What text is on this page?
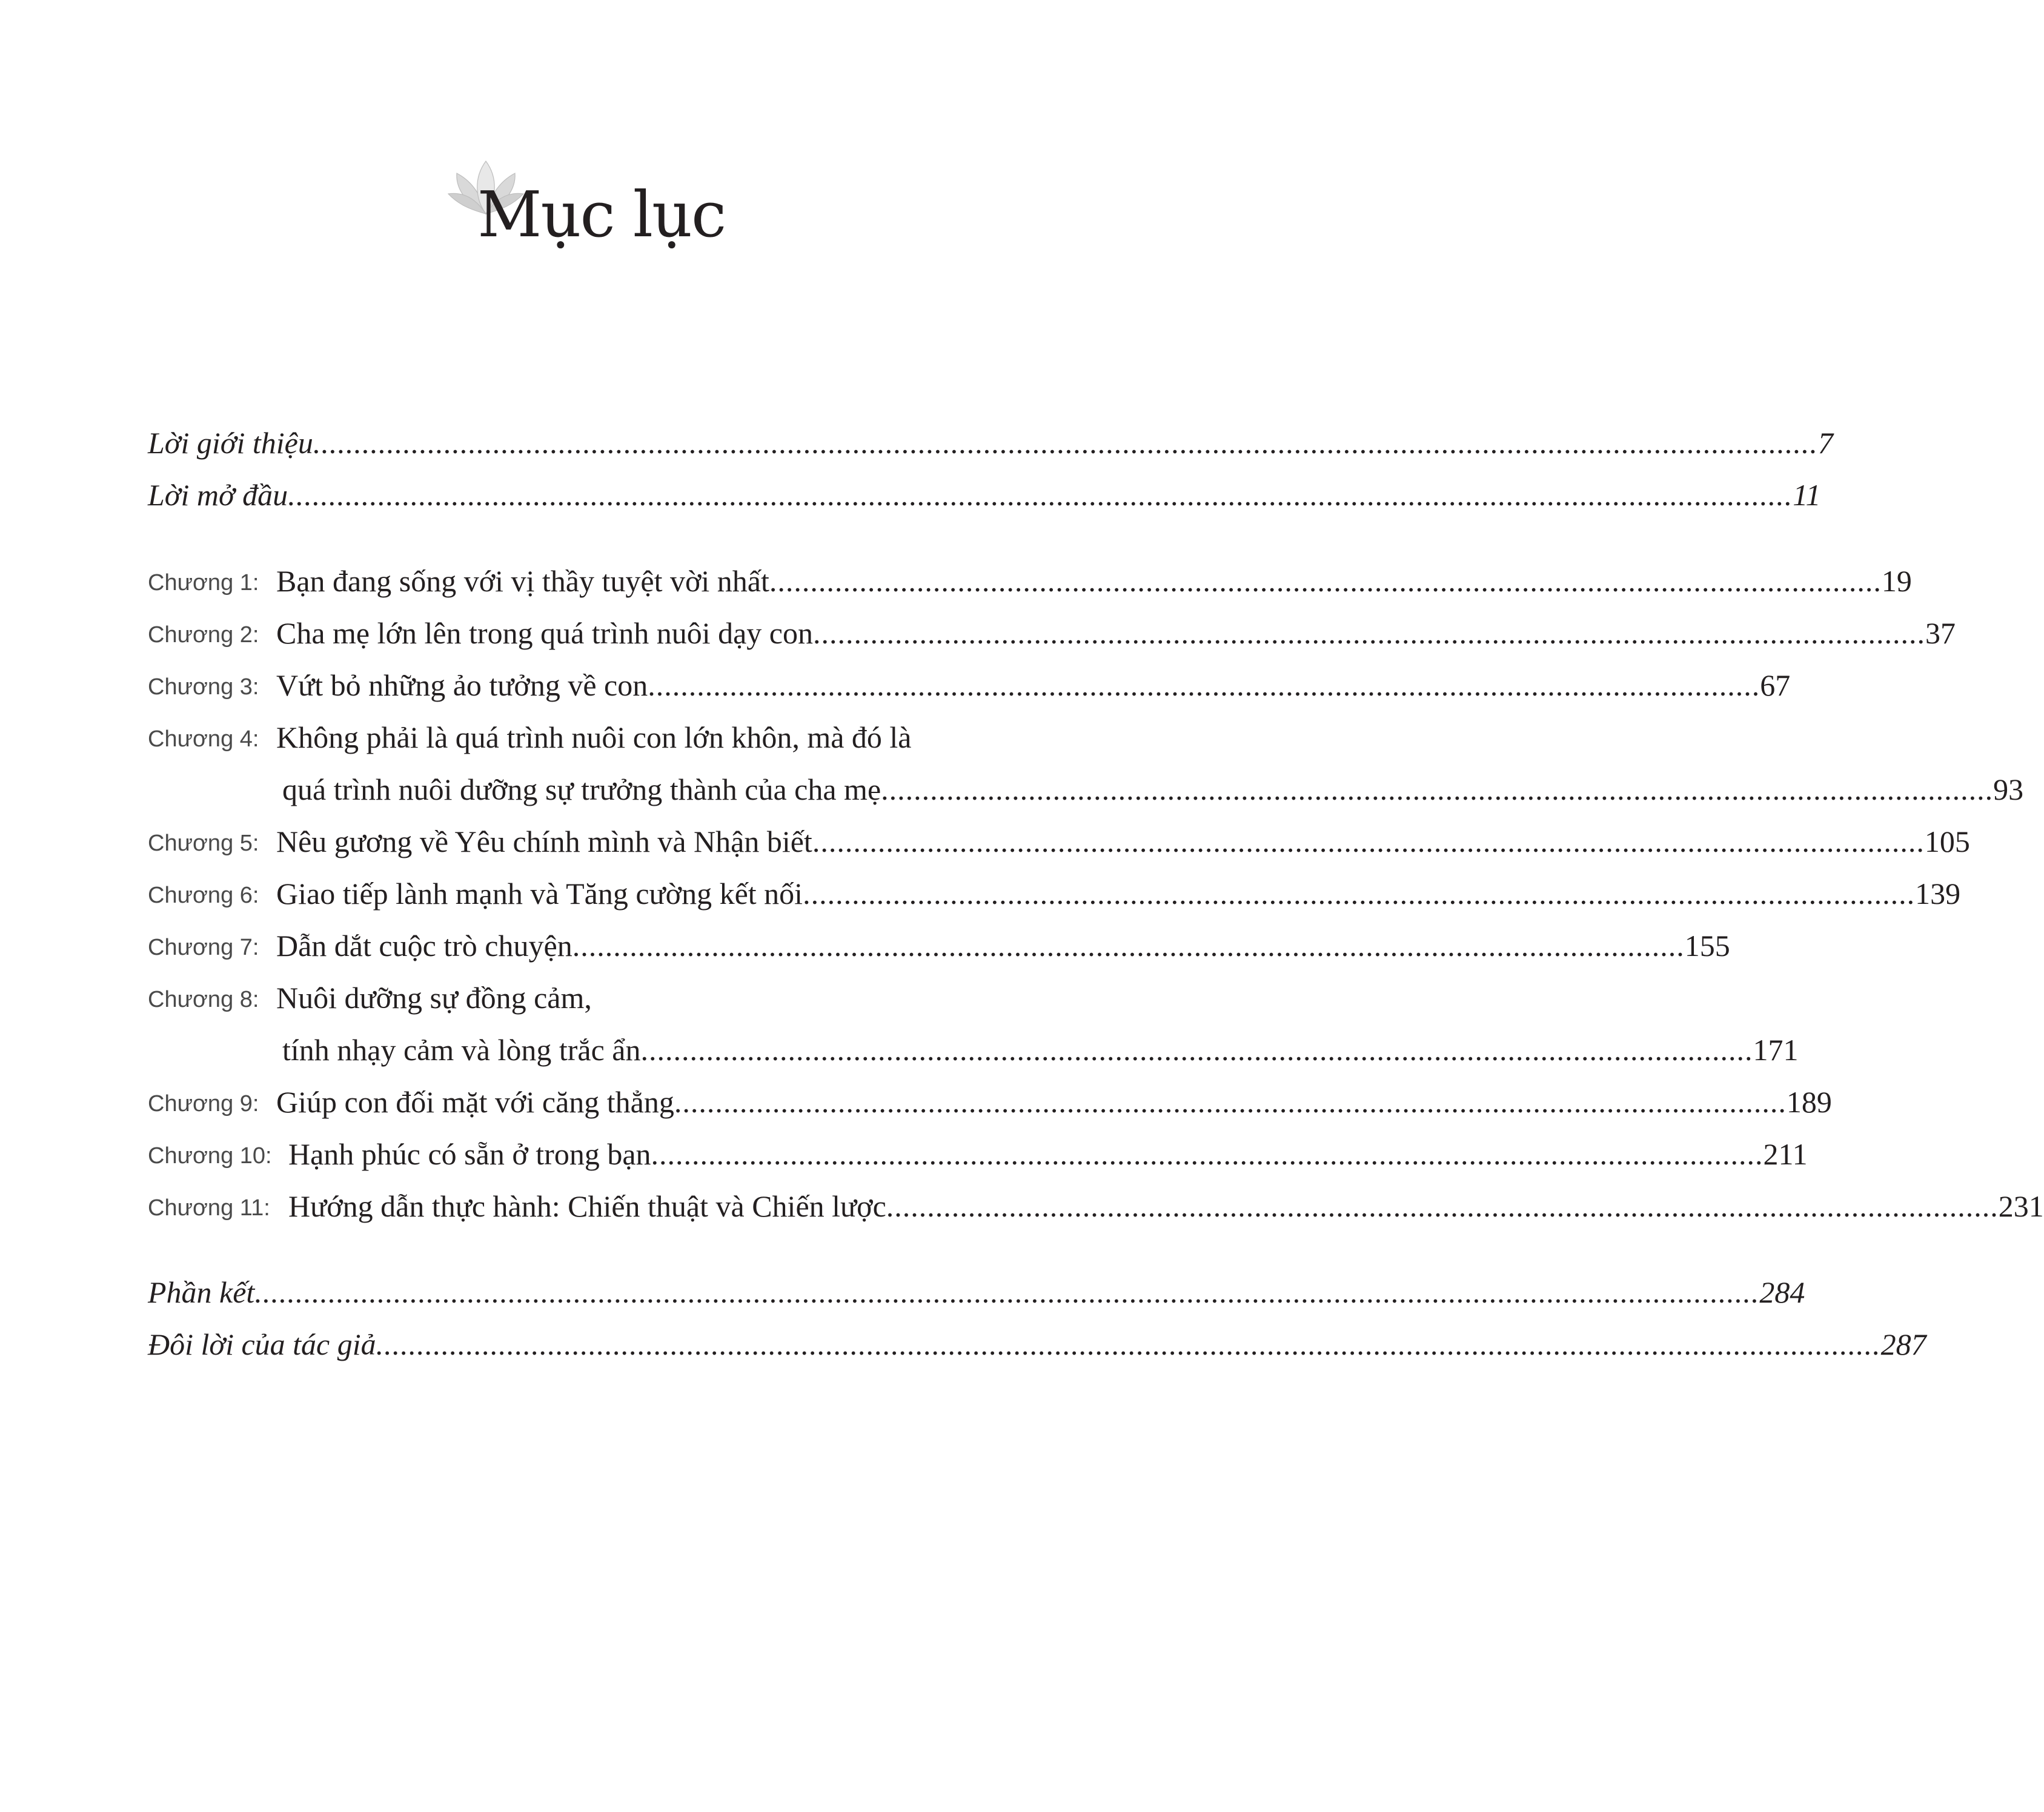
Mục lục
Lời giới thiệu ........................................................................................................................................................................................ 7
Lời mở đầu ........................................................................................................................................................................................ 11
Chương 1: Bạn đang sống với vị thầy tuyệt vời nhất ........................................................................................................................................ 19
Chương 2: Cha mẹ lớn lên trong quá trình nuôi dạy con ........................................................................................................................................ 37
Chương 3: Vứt bỏ những ảo tưởng về con ........................................................................................................................................ 67
Chương 4: Không phải là quá trình nuôi con lớn khôn, mà đó là
quá trình nuôi dưỡng sự trưởng thành của cha mẹ ........................................................................................................................................ 93
Chương 5: Nêu gương về Yêu chính mình và Nhận biết ........................................................................................................................................ 105
Chương 6: Giao tiếp lành mạnh và Tăng cường kết nối ........................................................................................................................................ 139
Chương 7: Dẫn dắt cuộc trò chuyện ........................................................................................................................................ 155
Chương 8: Nuôi dưỡng sự đồng cảm,
tính nhạy cảm và lòng trắc ẩn ........................................................................................................................................ 171
Chương 9: Giúp con đối mặt với căng thẳng ........................................................................................................................................ 189
Chương 10: Hạnh phúc có sẵn ở trong bạn ........................................................................................................................................ 211
Chương 11: Hướng dẫn thực hành: Chiến thuật và Chiến lược ........................................................................................................................................ 231
Phần kết ........................................................................................................................................................................................ 284
Đôi lời của tác giả ........................................................................................................................................................................................ 287
